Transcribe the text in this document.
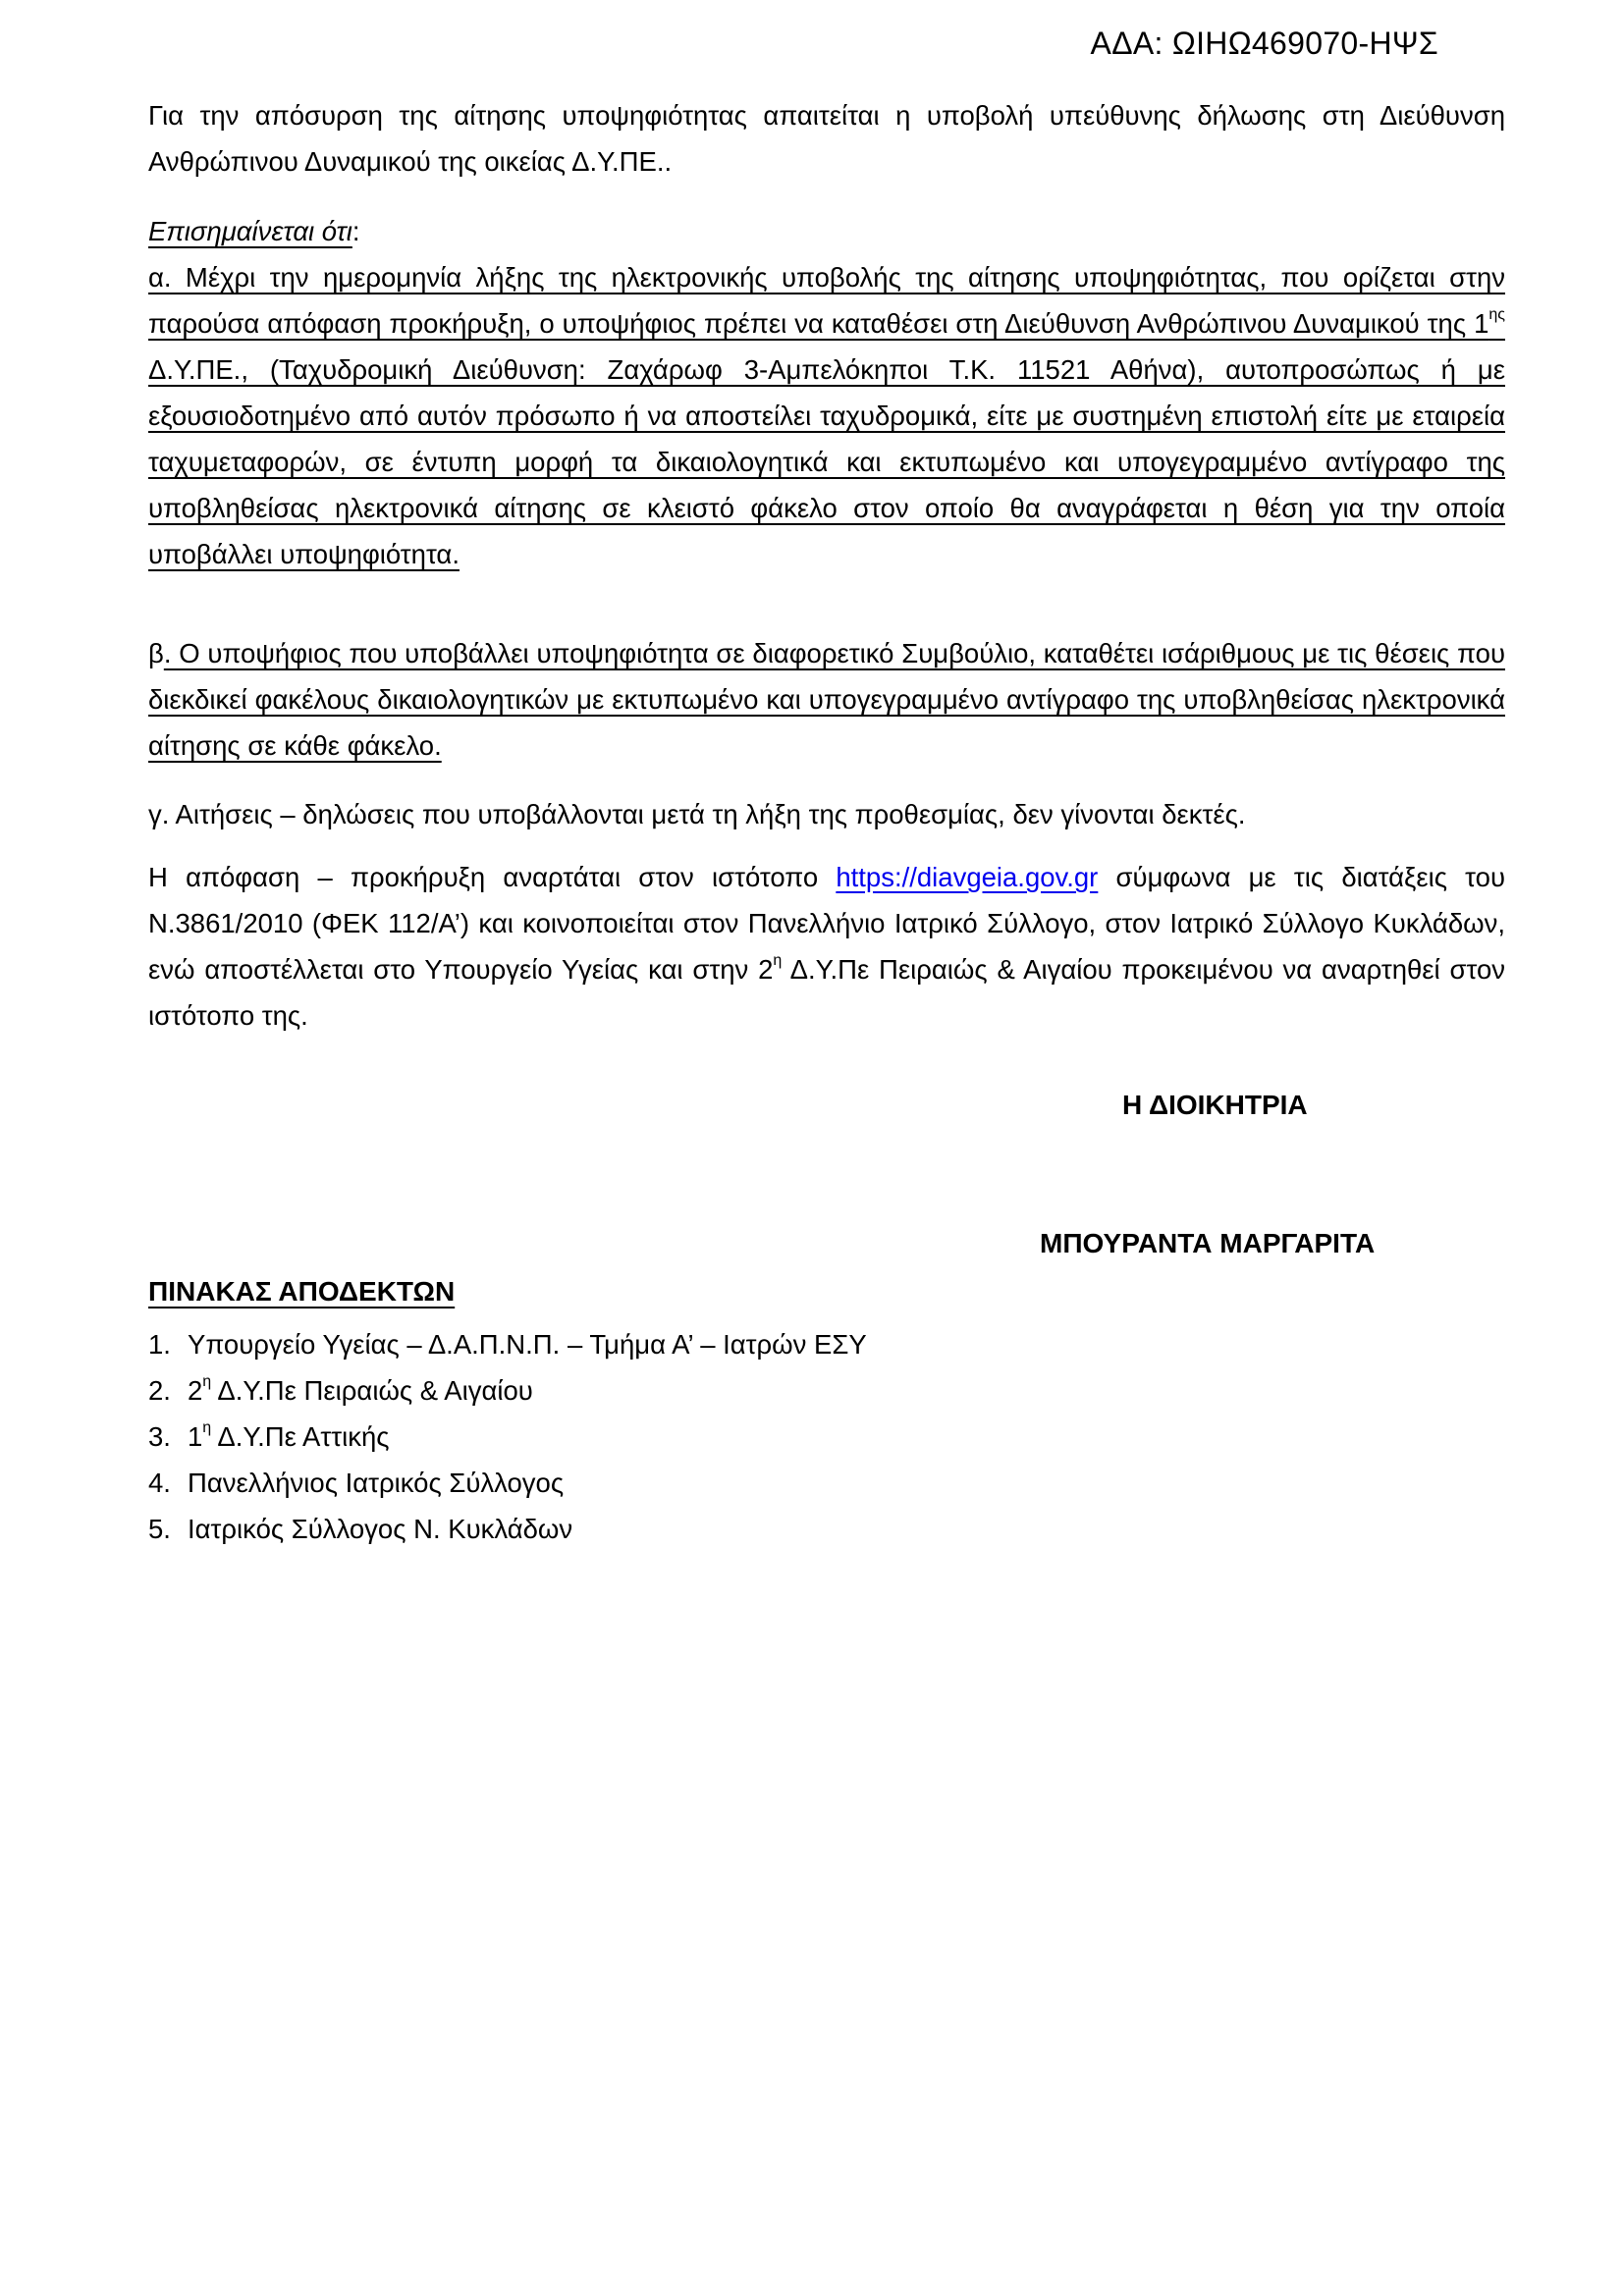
ΑΔΑ: ΩΙΗΩ469070-ΗΨΣ

Για την απόσυρση της αίτησης υποψηφιότητας απαιτείται η υποβολή υπεύθυνης δήλωσης στη Διεύθυνση Ανθρώπινου Δυναμικού της οικείας Δ.Υ.ΠΕ..

Επισημαίνεται ότι:

α. Μέχρι την ημερομηνία λήξης της ηλεκτρονικής υποβολής της αίτησης υποψηφιότητας, που ορίζεται στην παρούσα απόφαση προκήρυξη, ο υποψήφιος πρέπει να καταθέσει στη Διεύθυνση Ανθρώπινου Δυναμικού της $1^{\eta\varsigma}$ Δ.Υ.ΠΕ., (Ταχυδρομική Διεύθυνση: Ζαχάρωφ 3-Αμπελόκηποι Τ.Κ. 11521 Αθήνα), αυτοπροσώπως ή με εξουσιοδοτημένο από αυτόν πρόσωπο ή να αποστείλει ταχυδρομικά, είτε με συστημένη επιστολή είτε με εταιρεία ταχυμεταφορών, σε έντυπη μορφή τα δικαιολογητικά και εκτυπωμένο και υπογεγραμμένο αντίγραφο της υποβληθείσας ηλεκτρονικά αίτησης σε κλειστό φάκελο στον οποίο θα αναγράφεται η θέση για την οποία υποβάλλει υποψηφιότητα.

β. Ο υποψήφιος που υποβάλλει υποψηφιότητα σε διαφορετικό Συμβούλιο, καταθέτει ισάριθμους με τις θέσεις που διεκδικεί φακέλους δικαιολογητικών με εκτυπωμένο και υπογεγραμμένο αντίγραφο της υποβληθείσας ηλεκτρονικά αίτησης σε κάθε φάκελο.

γ. Αιτήσεις – δηλώσεις που υποβάλλονται μετά τη λήξη της προθεσμίας, δεν γίνονται δεκτές.

Η απόφαση – προκήρυξη αναρτάται στον ιστότοπο https://diavgeia.gov.gr σύμφωνα με τις διατάξεις του Ν.3861/2010 (ΦΕΚ 112/Α’) και κοινοποιείται στον Πανελλήνιο Ιατρικό Σύλλογο, στον Ιατρικό Σύλλογο Κυκλάδων, ενώ αποστέλλεται στο Υπουργείο Υγείας και στην $2^\eta$ Δ.Υ.Πε Πειραιώς & Αιγαίου προκειμένου να αναρτηθεί στον ιστότοπο της.

Η ΔΙΟΙΚΗΤΡΙΑ
ΜΠΟΥΡΑΝΤΑ ΜΑΡΓΑΡΙΤΑ
ΠΙΝΑΚΑΣ ΑΠΟΔΕΚΤΩΝ
1. Υπουργείο Υγείας – Δ.Α.Π.Ν.Π. – Τμήμα Α’ – Ιατρών ΕΣΥ
2. $2^\eta$ Δ.Υ.Πε Πειραιώς & Αιγαίου
3. $1^\eta$ Δ.Υ.Πε Αττικής
4. Πανελλήνιος Ιατρικός Σύλλογος
5. Ιατρικός Σύλλογος Ν. Κυκλάδων
